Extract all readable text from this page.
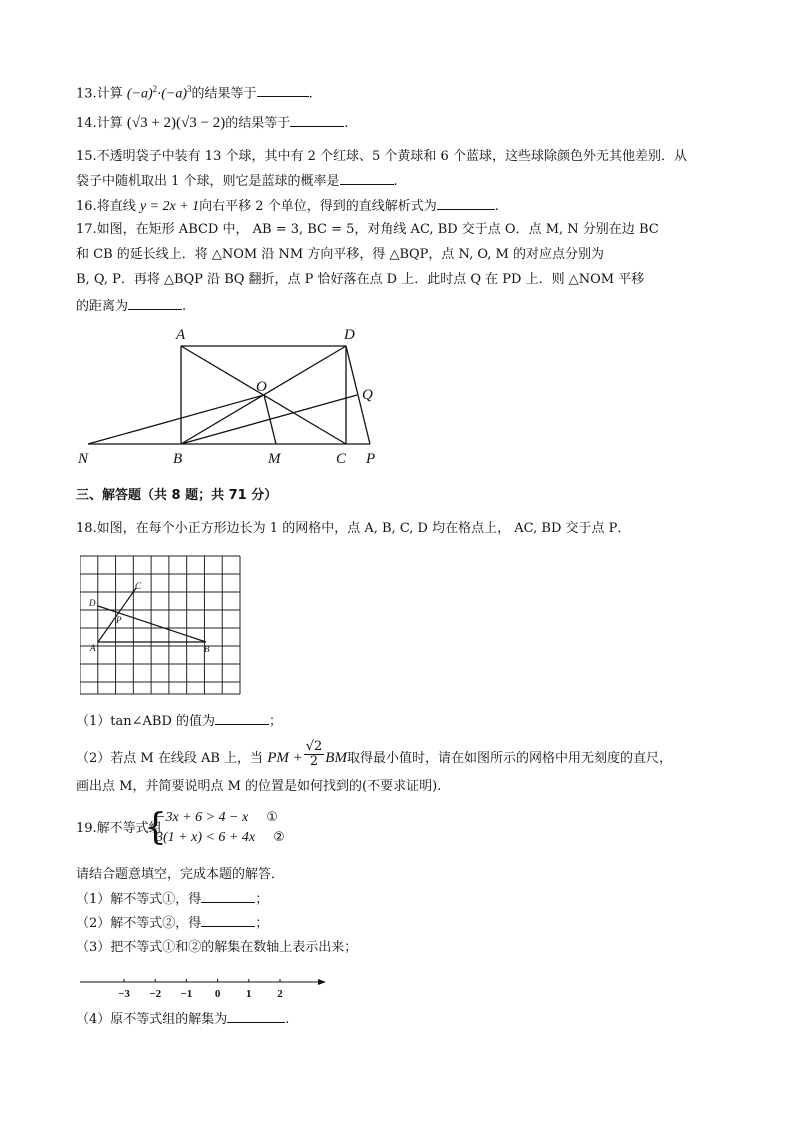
13.计算 $(-a)^2\cdot(-a)^3$的结果等于	.
14.计算 (√3 + 2)(√3 − 2)的结果等于	.
15.不透明袋子中装有 13 个球，其中有 2 个红球、5 个黄球和 6 个蓝球，这些球除颜色外无其他差别．从
袋子中随机取出 1 个球，则它是蓝球的概率是	.
16.将直线 y = 2x + 1向右平移 2 个单位，得到的直线解析式为	.
17.如图，在矩形 ABCD 中， AB = 3, BC = 5，对角线 AC, BD 交于点 O．点 M, N 分别在边 BC
和 CB 的延长线上．将 △NOM 沿 NM 方向平移，得 △BQP，点 N, O, M 的对应点分别为
B, Q, P．再将 △BQP 沿 BQ 翻折，点 P 恰好落在点 D 上．此时点 Q 在 PD 上．则 △NOM 平移
的距离为	.
A	D
O	Q
N	B	M	C P
三、解答题（共 8 题；共 71 分）
18.如图，在每个小正方形边长为 1 的网格中，点 A, B, C, D 均在格点上， AC, BD 交于点 P．
A	B
C
D
P
（1）tan∠ABD 的值为	；
（2）若点 M 在线段 AB 上，当 PM + $\frac{√2}{2}$ BM取得最小值时，请在如图所示的网格中用无刻度的直尺，
画出点 M，并简要说明点 M 的位置是如何找到的(不要求证明).
19.解不等式组
{
−3x + 6 > 4 − x ①
3(1 + x) < 6 + 4x ②
请结合题意填空，完成本题的解答．
（1）解不等式①，得	；
（2）解不等式②，得	；
（3）把不等式①和②的解集在数轴上表示出来；
−3 −2 −1 0 1 2
（4）原不等式组的解集为	.
